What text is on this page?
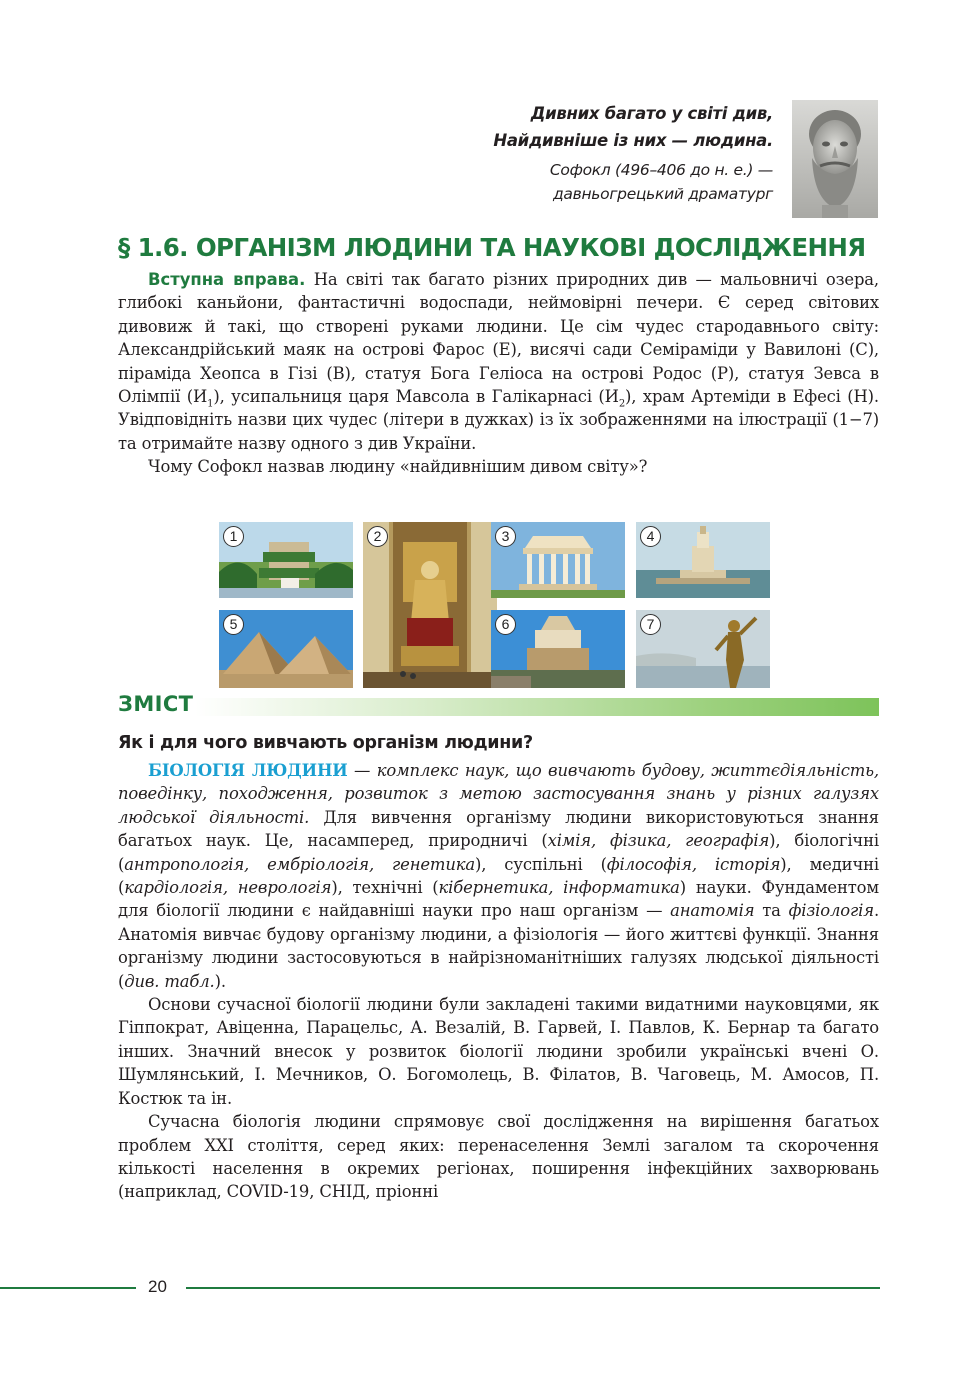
Дивних багато у світі див,
Найдивніше із них — людина.
Софокл (496–406 до н. е.) —
давньогрецький драматург
§ 1.6. ОРГАНІЗМ ЛЮДИНИ ТА НАУКОВІ ДОСЛІДЖЕННЯ

Вступна вправа. На світі так багато різних природних див — мальовничі озера, глибокі каньйони, фантастичні водоспади, неймовірні печери. Є серед світових дивовиж й такі, що створені руками людини. Це сім чудес стародавнього світу: Александрійський маяк на острові Фарос (Е), висячі сади Семіраміди у Вавилоні (С), піраміда Хеопса в Гізі (В), статуя Бога Геліоса на острові Родос (Р), статуя Зевса в Олімпії $(И_1)$, усипальниця царя Мавсола в Галікарнасі $(И_2)$, храм Артеміди в Ефесі (Н). Увідповідніть назви цих чудес (літери в дужках) із їх зображеннями на ілюстрації (1−7) та отримайте назву одного з див України.

Чому Софокл назвав людину «найдивнішим дивом світу»?

1	2	3	4
5	6	7
ЗМІСТ
Як і для чого вивчають організм людини?

БІОЛОГІЯ ЛЮДИНИ — комплекс наук, що вивчають будову, життєдіяльність, поведінку, походження, розвиток з метою застосування знань у різних галузях людської діяльності. Для вивчення організму людини використовуються знання багатьох наук. Це, насамперед, природничі (хімія, фізика, географія), біологічні (антропологія, ембріологія, генетика), суспільні (філософія, історія), медичні (кардіологія, неврологія), технічні (кібернетика, інформатика) науки. Фундаментом для біології людини є найдавніші науки про наш організм — анатомія та фізіологія. Анатомія вивчає будову організму людини, а фізіологія — його життєві функції. Знання організму людини застосовуються в найрізноманітніших галузях людської діяльності (див. табл.).

Основи сучасної біології людини були закладені такими видатними науковцями, як Гіппократ, Авіценна, Парацельс, А. Везалій, В. Гарвей, І. Павлов, К. Бернар та багато інших. Значний внесок у розвиток біології людини зробили українські вчені О. Шумлянський, І. Мечников, О. Богомолець, В. Філатов, В. Чаговець, М. Амосов, П. Костюк та ін.

Сучасна біологія людини спрямовує свої дослідження на вирішення багатьох проблем XXI століття, серед яких: перенаселення Землі загалом та скорочення кількості населення в окремих регіонах, поширення інфекційних захворювань (наприклад, COVID-19, СНІД, пріонні

20
